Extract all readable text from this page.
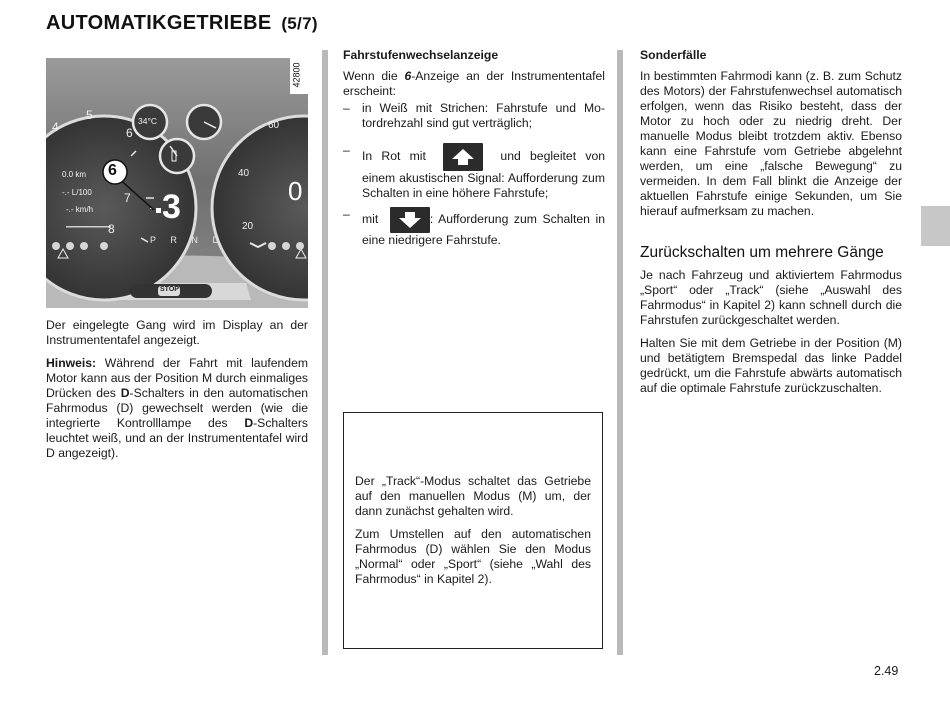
AUTOMATIKGETRIEBE (5/7)
42800
6
34°C
0.0 km
-.- L/100
-.- km/h 3
P R N D
0
4
5
6
7
8
60
40
20
STOP

Der eingelegte Gang wird im Display an der Instrumententafel angezeigt.

Hinweis: Während der Fahrt mit laufendem Motor kann aus der Position M durch einmaliges Drücken des D-Schalters in den automatischen Fahrmodus (D) gewechselt werden (wie die integrierte Kontrolllampe des D-Schalters leuchtet weiß, und an der Instrumententafel wird D angezeigt).

Fahrstufenwechselanzeige

Wenn die 6-Anzeige an der Instrumententafel erscheint:

–	in Weiß mit Strichen: Fahrstufe und Motordrehzahl sind gut verträglich;
–	In Rot mit	und begleitet von einem akustischen Signal: Aufforderung zum Schalten in eine höhere Fahrstufe;
–	mit	: Aufforderung zum Schalten in eine niedrigere Fahrstufe.

Der „Track“-Modus schaltet das Getriebe auf den manuellen Modus (M) um, der dann zunächst gehalten wird.

Zum Umstellen auf den automatischen Fahrmodus (D) wählen Sie den Modus „Normal“ oder „Sport“ (siehe „Wahl des Fahrmodus“ in Kapitel 2).

Sonderfälle

In bestimmten Fahrmodi kann (z. B. zum Schutz des Motors) der Fahrstufenwechsel automatisch erfolgen, wenn das Risiko besteht, dass der Motor zu hoch oder zu niedrig dreht. Der manuelle Modus bleibt trotzdem aktiv. Ebenso kann eine Fahrstufe vom Getriebe abgelehnt werden, um eine „falsche Bewegung“ zu vermeiden. In dem Fall blinkt die Anzeige der aktuellen Fahrstufe einige Sekunden, um Sie hierauf aufmerksam zu machen.

Zurückschalten um mehrere Gänge

Je nach Fahrzeug und aktiviertem Fahrmodus „Sport“ oder „Track“ (siehe „Auswahl des Fahrmodus“ in Kapitel 2) kann schnell durch die Fahrstufen zurückgeschaltet werden.

Halten Sie mit dem Getriebe in der Position (M) und betätigtem Bremspedal das linke Paddel gedrückt, um die Fahrstufe abwärts automatisch auf die optimale Fahrstufe zurückzuschalten.

2.49
